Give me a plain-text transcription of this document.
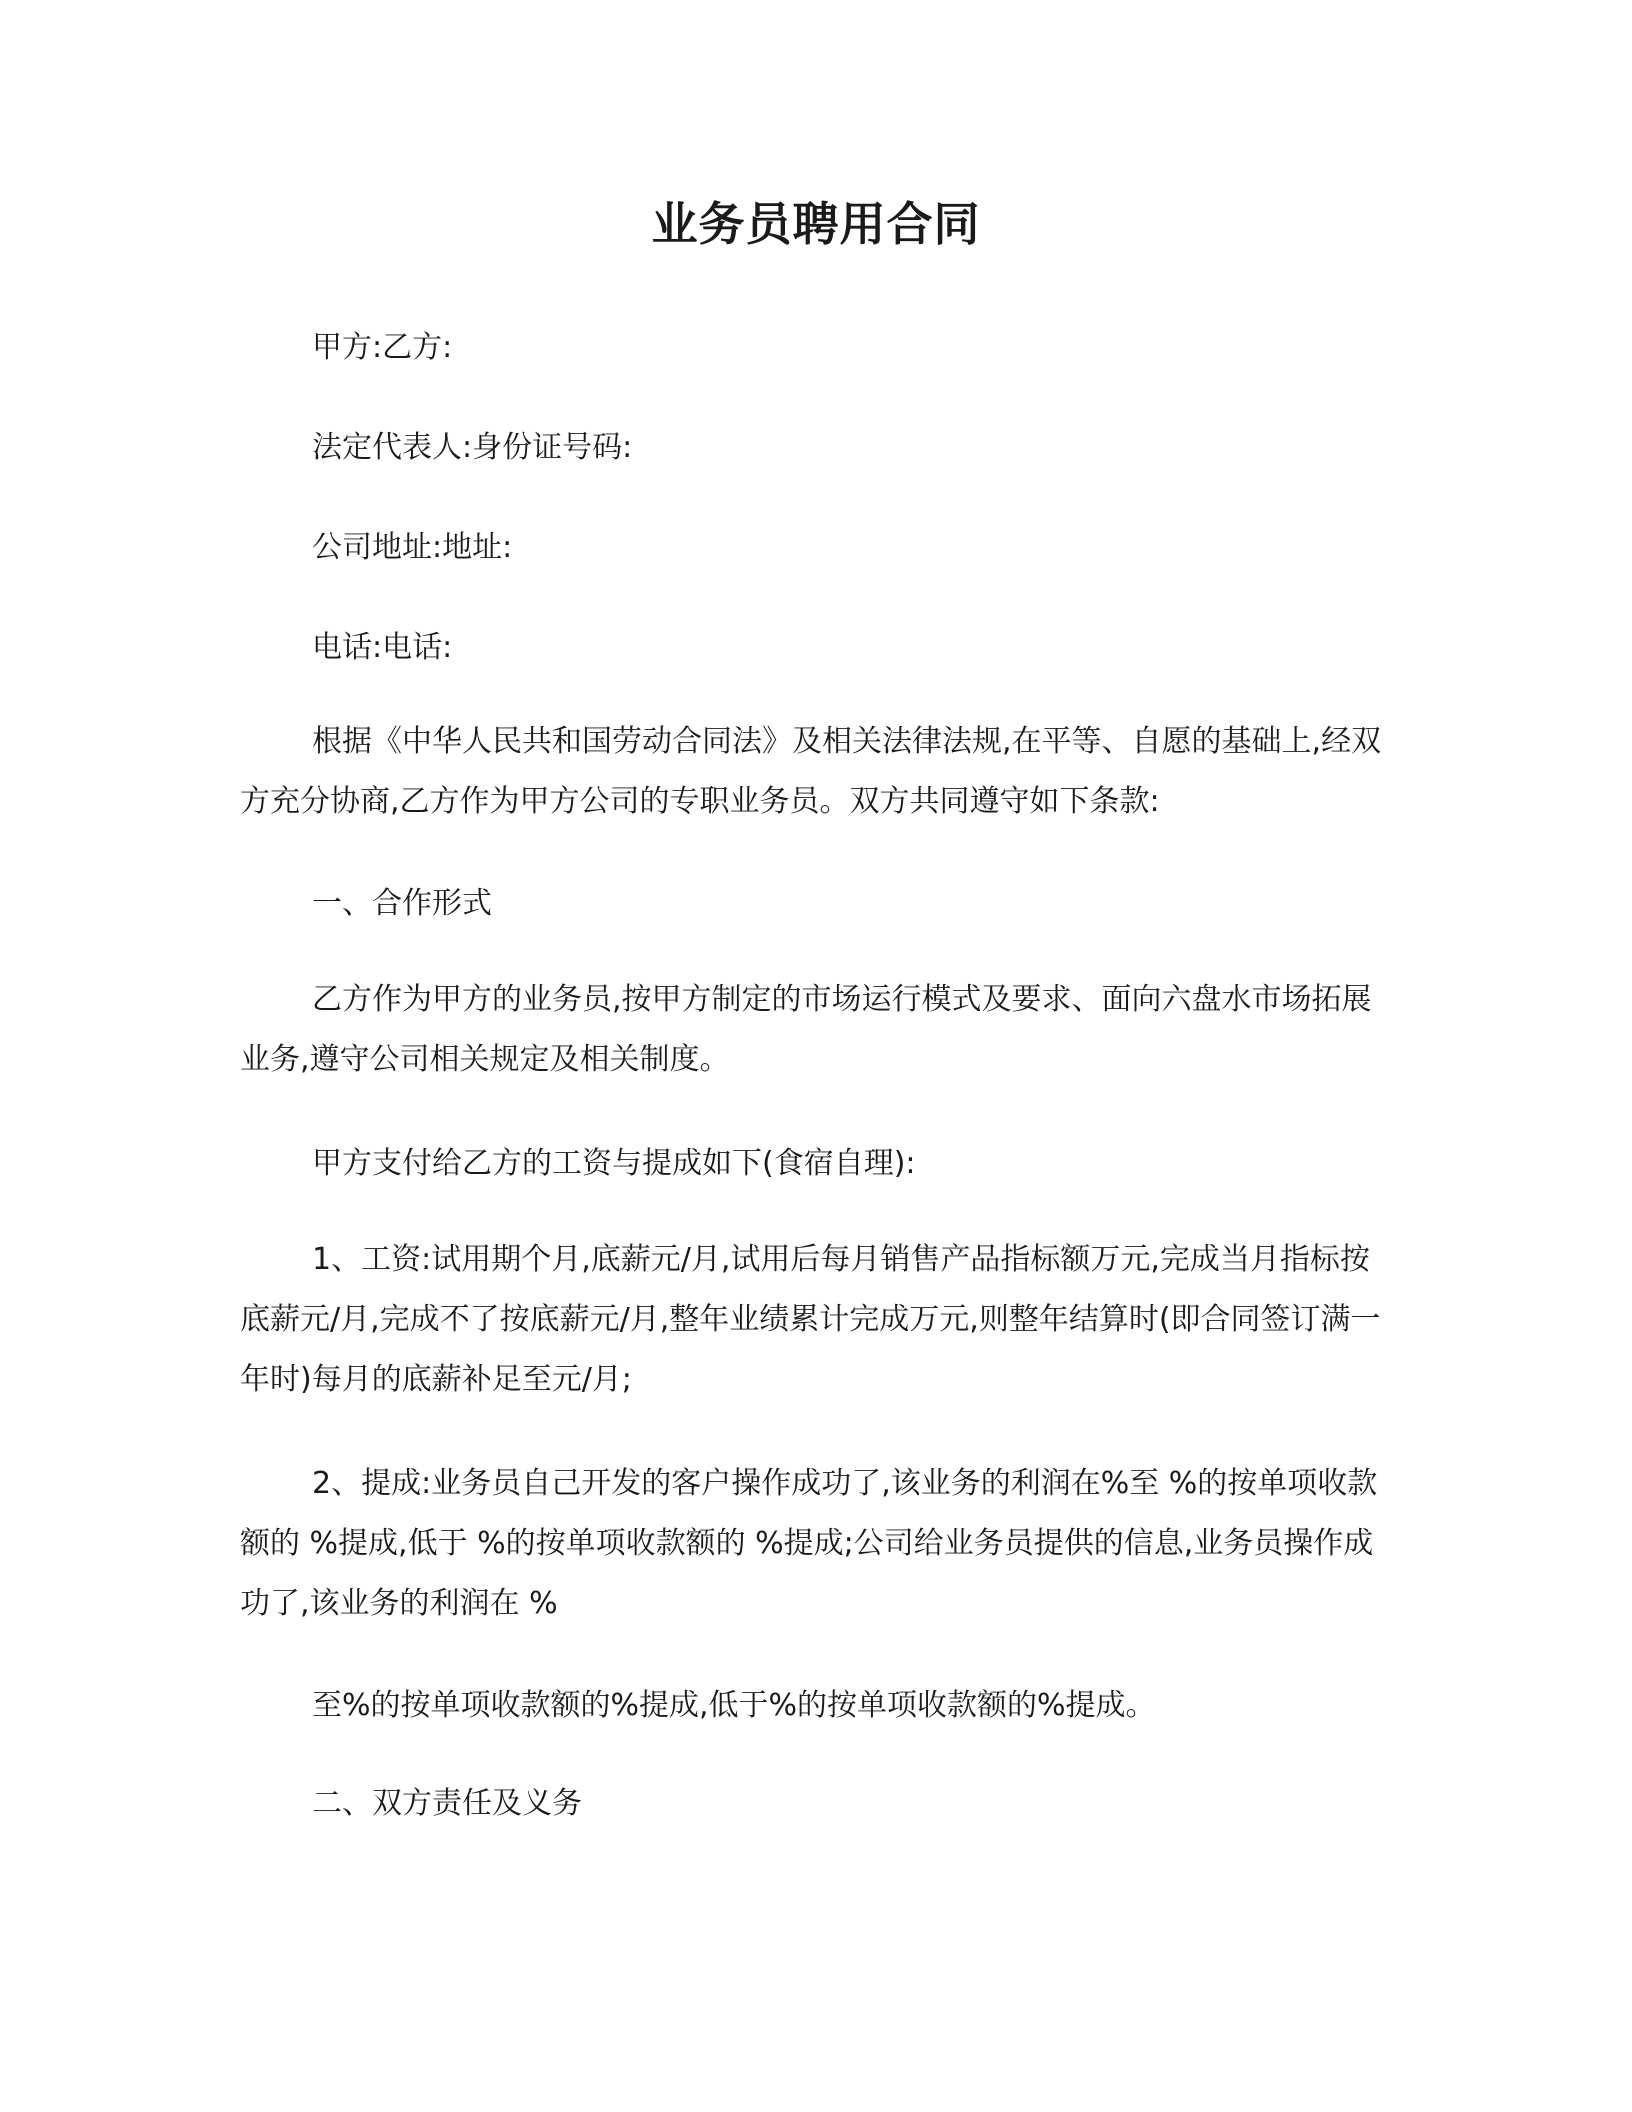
业务员聘用合同

甲方:乙方:

法定代表人:身份证号码:

公司地址:地址:

电话:电话:

根据《中华人民共和国劳动合同法》及相关法律法规,在平等、自愿的基础上,经双方充分协商,乙方作为甲方公司的专职业务员。双方共同遵守如下条款:

一、合作形式

乙方作为甲方的业务员,按甲方制定的市场运行模式及要求、面向六盘水市场拓展业务,遵守公司相关规定及相关制度。

甲方支付给乙方的工资与提成如下(食宿自理):

1、工资:试用期个月,底薪元/月,试用后每月销售产品指标额万元,完成当月指标按底薪元/月,完成不了按底薪元/月,整年业绩累计完成万元,则整年结算时(即合同签订满一年时)每月的底薪补足至元/月;

2、提成:业务员自己开发的客户操作成功了,该业务的利润在%至 %的按单项收款额的 %提成,低于 %的按单项收款额的 %提成;公司给业务员提供的信息,业务员操作成功了,该业务的利润在 %

至%的按单项收款额的%提成,低于%的按单项收款额的%提成。

二、双方责任及义务
